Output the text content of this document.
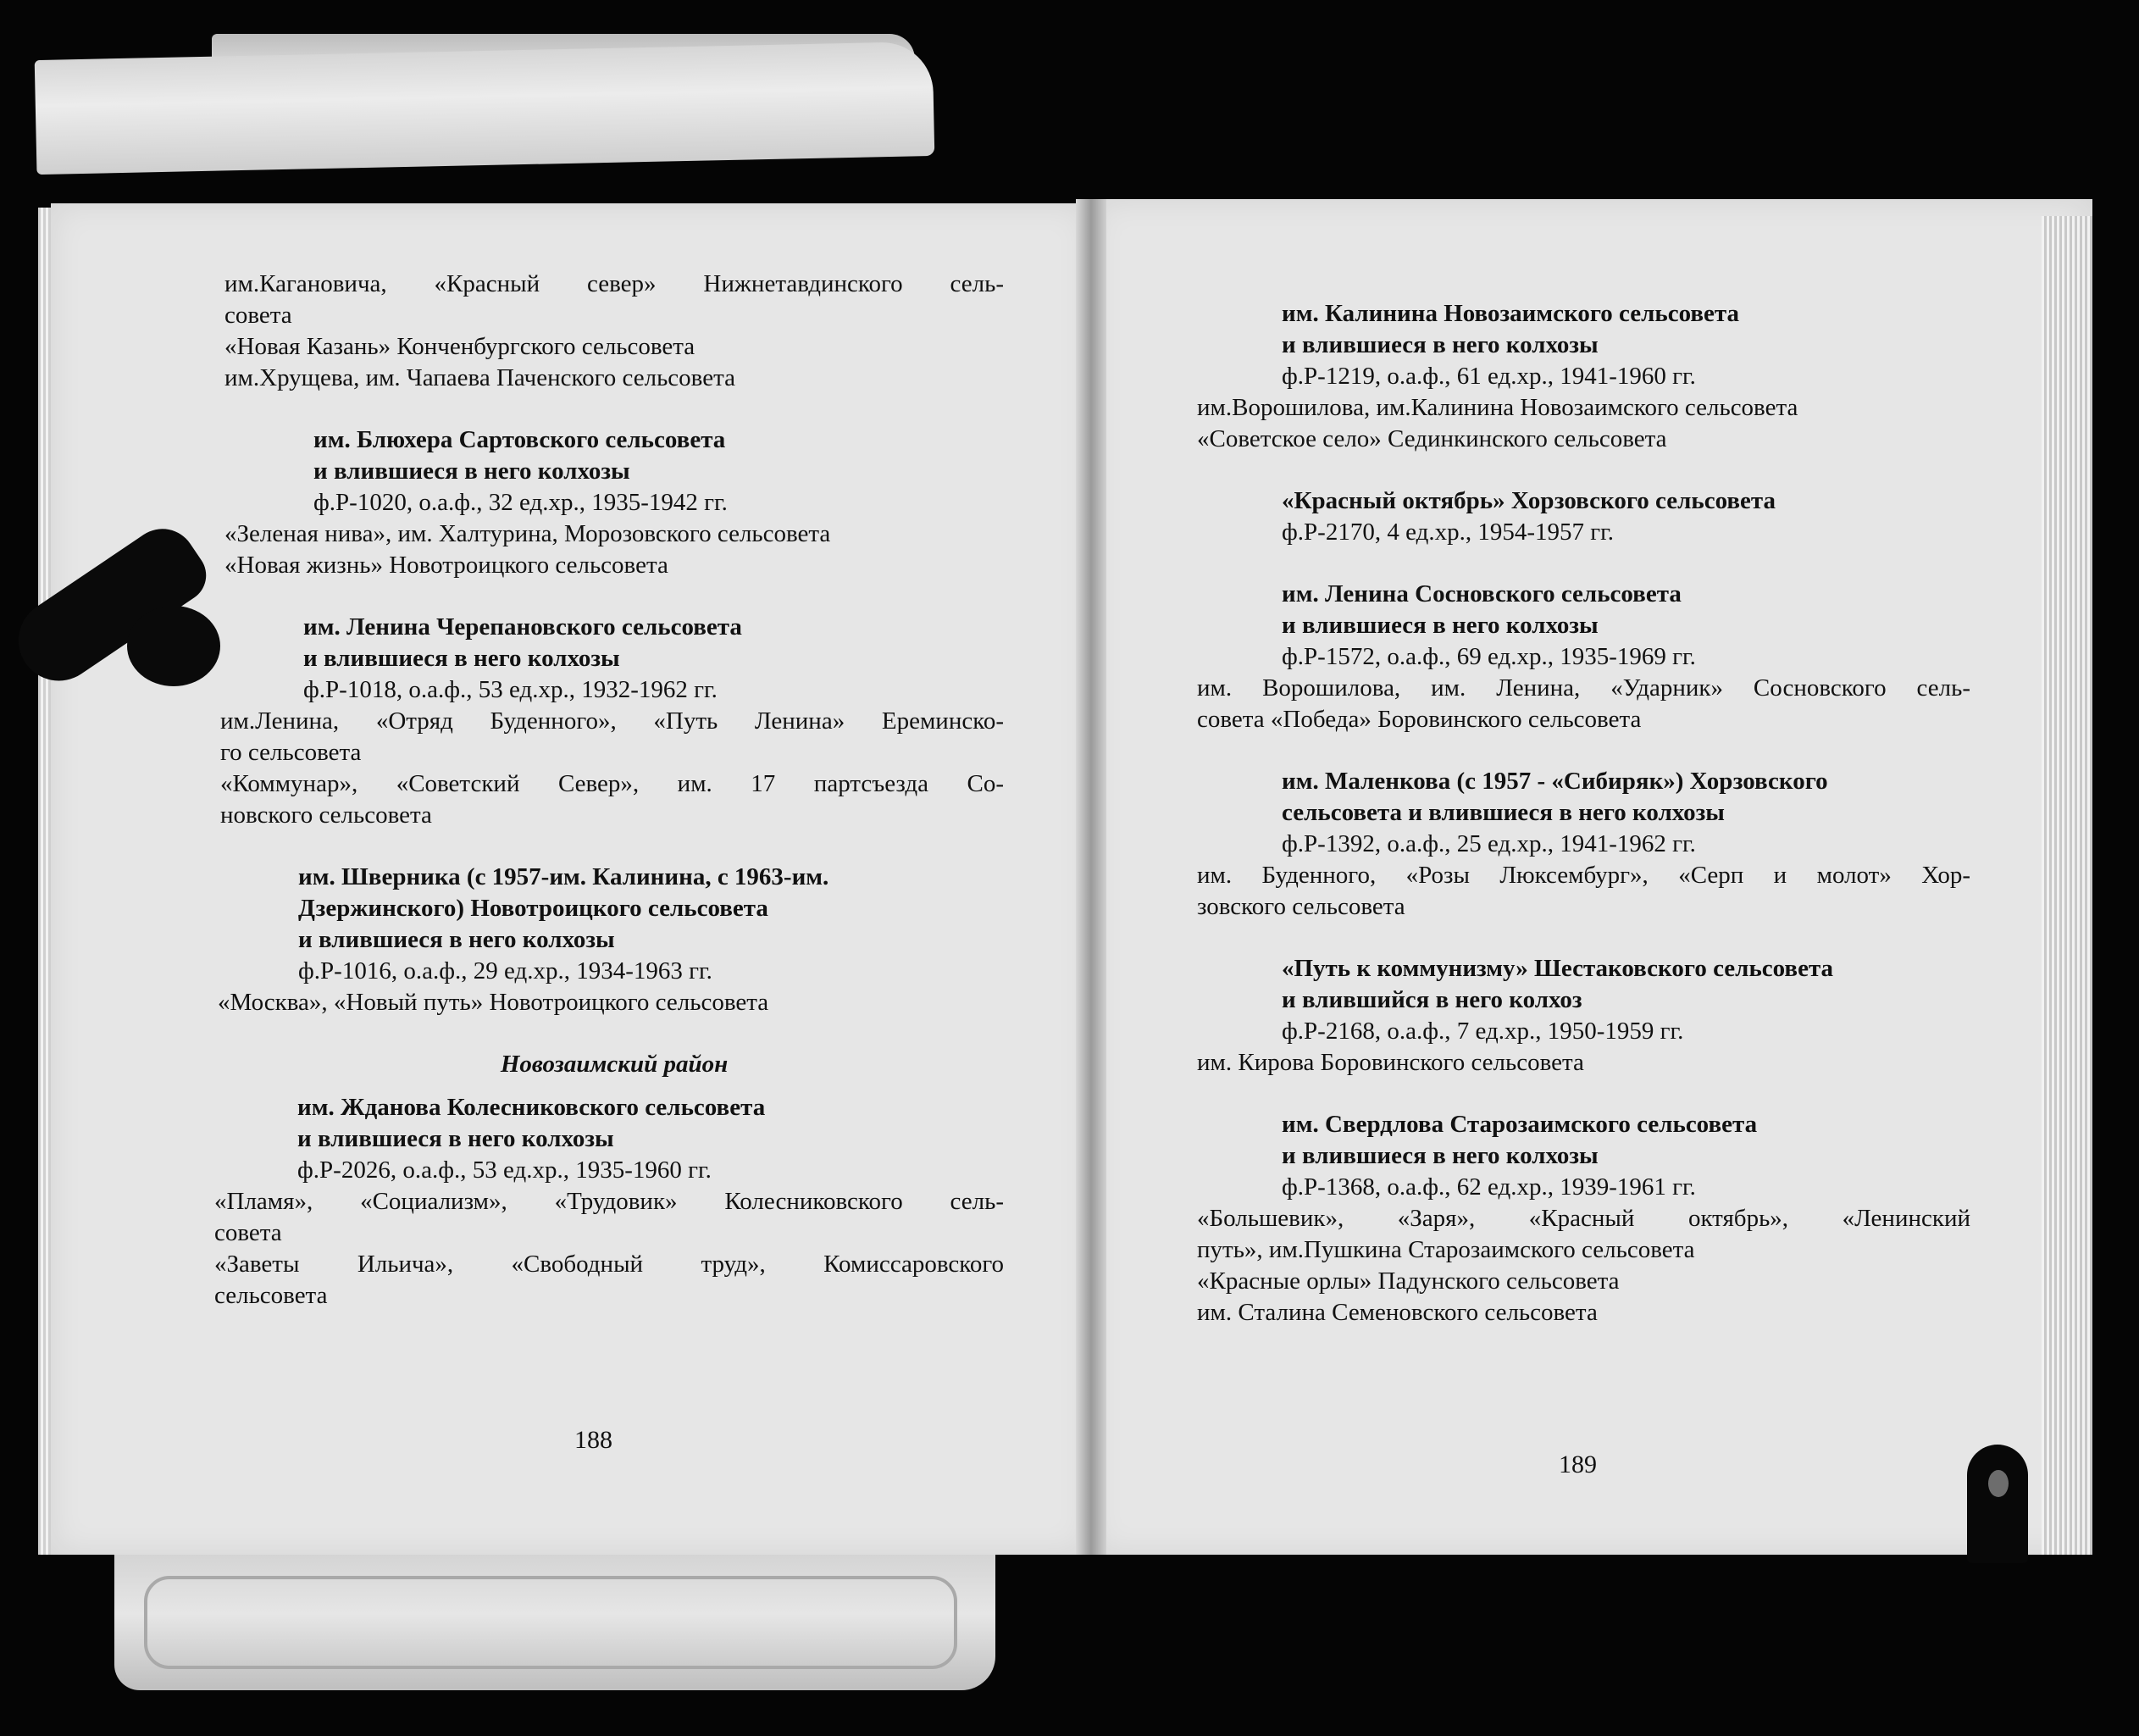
им.Кагановича, «Красный север» Нижнетавдинского сель-

совета

«Новая Казань» Конченбургского сельсовета

им.Хрущева, им. Чапаева Паченского сельсовета

им. Блюхера Сартовского сельсовета

и влившиеся в него колхозы

ф.Р-1020, о.а.ф., 32 ед.хр., 1935-1942 гг.

«Зеленая нива», им. Халтурина, Морозовского сельсовета

«Новая жизнь» Новотроицкого сельсовета

им. Ленина Черепановского сельсовета

и влившиеся в него колхозы

ф.Р-1018, о.а.ф., 53 ед.хр., 1932-1962 гг.

им.Ленина, «Отряд Буденного», «Путь Ленина» Ереминско-

го сельсовета

«Коммунар», «Советский Север», им. 17 партсъезда Со-

новского сельсовета

им. Шверника (с 1957-им. Калинина, с 1963-им.

Дзержинского) Новотроицкого сельсовета

и влившиеся в него колхозы

ф.Р-1016, о.а.ф., 29 ед.хр., 1934-1963 гг.

«Москва», «Новый путь» Новотроицкого сельсовета

Новозаимский район

им. Жданова Колесниковского сельсовета

и влившиеся в него колхозы

ф.Р-2026, о.а.ф., 53 ед.хр., 1935-1960 гг.

«Пламя», «Социализм», «Трудовик» Колесниковского сель-

совета

«Заветы Ильича», «Свободный труд», Комиссаровского

сельсовета

188

им. Калинина Новозаимского сельсовета

и влившиеся в него колхозы

ф.Р-1219, о.а.ф., 61 ед.хр., 1941-1960 гг.

им.Ворошилова, им.Калинина Новозаимского сельсовета

«Советское село» Сединкинского сельсовета

«Красный октябрь» Хорзовского сельсовета

ф.Р-2170, 4 ед.хр., 1954-1957 гг.

им. Ленина Сосновского сельсовета

и влившиеся в него колхозы

ф.Р-1572, о.а.ф., 69 ед.хр., 1935-1969 гг.

им. Ворошилова, им. Ленина, «Ударник» Сосновского сель-

совета «Победа» Боровинского сельсовета

им. Маленкова (с 1957 - «Сибиряк») Хорзовского

сельсовета и влившиеся в него колхозы

ф.Р-1392, о.а.ф., 25 ед.хр., 1941-1962 гг.

им. Буденного, «Розы Люксембург», «Серп и молот» Хор-

зовского сельсовета

«Путь к коммунизму» Шестаковского сельсовета

и влившийся в него колхоз

ф.Р-2168, о.а.ф., 7 ед.хр., 1950-1959 гг.

им. Кирова Боровинского сельсовета

им. Свердлова Старозаимского сельсовета

и влившиеся в него колхозы

ф.Р-1368, о.а.ф., 62 ед.хр., 1939-1961 гг.

«Большевик», «Заря», «Красный октябрь», «Ленинский

путь», им.Пушкина Старозаимского сельсовета

«Красные орлы» Падунского сельсовета

им. Сталина Семеновского сельсовета

189
